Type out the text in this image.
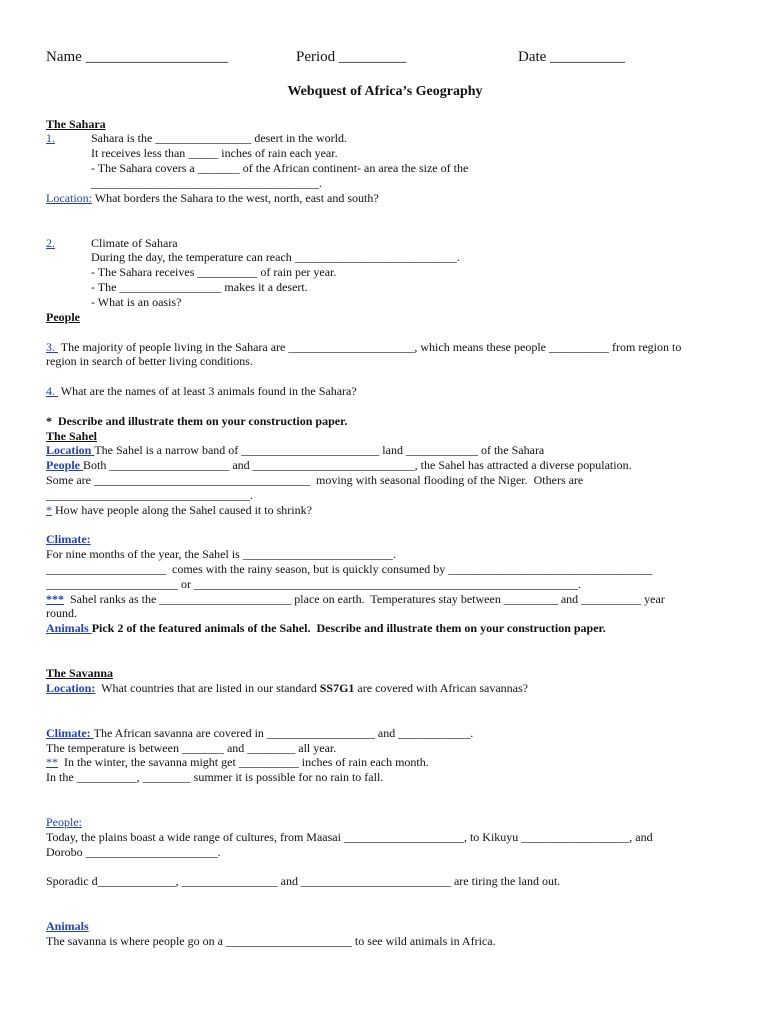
Name ___________________	Period _________	Date __________
Webquest of Africa’s Geography
The Sahara
1.	Sahara is the ________________ desert in the world.
It receives less than _____ inches of rain each year.
- The Sahara covers a _______ of the African continent- an area the size of the
______________________________________.
Location: What borders the Sahara to the west, north, east and south?
2.	Climate of Sahara
During the day, the temperature can reach ___________________________.
- The Sahara receives __________ of rain per year.
- The _________________ makes it a desert.
- What is an oasis?
People
3.  The majority of people living in the Sahara are _____________________, which means these people __________ from region to
region in search of better living conditions.
4.  What are the names of at least 3 animals found in the Sahara?
*  Describe and illustrate them on your construction paper.
The Sahel
Location The Sahel is a narrow band of _______________________ land ____________ of the Sahara
People Both ____________________ and ___________________________, the Sahel has attracted a diverse population.
Some are ____________________________________  moving with seasonal flooding of the Niger.  Others are
__________________________________.
* How have people along the Sahel caused it to shrink?
Climate:
For nine months of the year, the Sahel is _________________________.
____________________  comes with the rainy season, but is quickly consumed by __________________________________
______________________ or ________________________________________________________________.
***  Sahel ranks as the ______________________ place on earth.  Temperatures stay between _________ and __________ year
round.
Animals Pick 2 of the featured animals of the Sahel.  Describe and illustrate them on your construction paper.
The Savanna
Location:  What countries that are listed in our standard SS7G1 are covered with African savannas?
Climate: The African savanna are covered in __________________ and ____________.
The temperature is between _______ and ________ all year.
**  In the winter, the savanna might get __________ inches of rain each month.
In the __________, ________ summer it is possible for no rain to fall.
People:
Today, the plains boast a wide range of cultures, from Maasai ____________________, to Kikuyu __________________, and
Dorobo ______________________.
Sporadic d_____________, ________________ and _________________________ are tiring the land out.
Animals
The savanna is where people go on a _____________________ to see wild animals in Africa.
